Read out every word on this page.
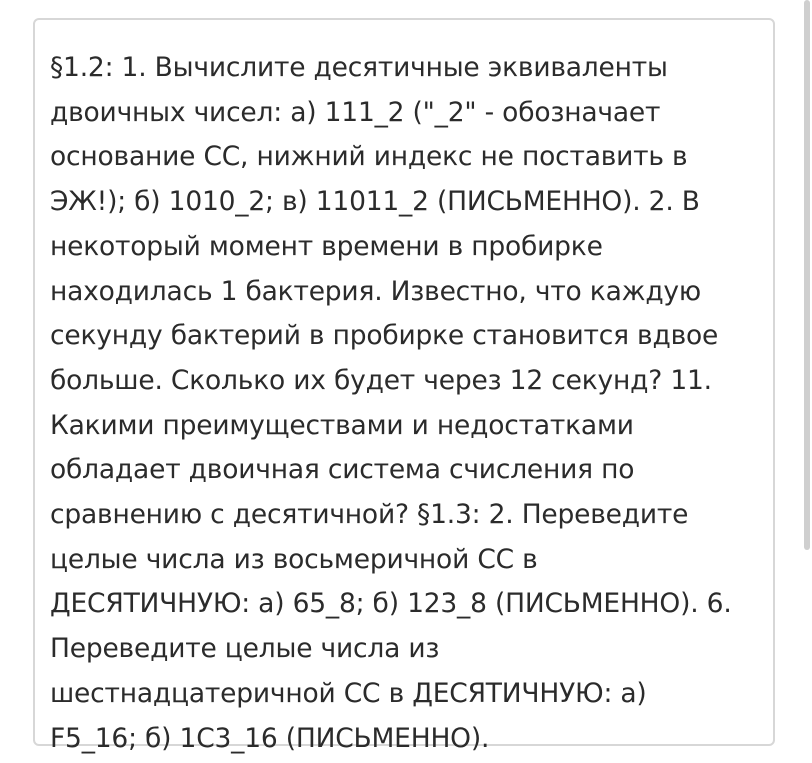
§1.2: 1. Вычислите десятичные эквиваленты
двоичных чисел: а) 111_2 ("_2" - обозначает
основание СС, нижний индекс не поставить в
ЭЖ!); б) 1010_2; в) 11011_2 (ПИСЬМЕННО). 2. В
некоторый момент времени в пробирке
находилась 1 бактерия. Известно, что каждую
секунду бактерий в пробирке становится вдвое
больше. Сколько их будет через 12 секунд? 11.
Какими преимуществами и недостатками
обладает двоичная система счисления по
сравнению с десятичной? §1.3: 2. Переведите
целые числа из восьмеричной СС в
ДЕСЯТИЧНУЮ: а) 65_8; б) 123_8 (ПИСЬМЕННО). 6.
Переведите целые числа из
шестнадцатеричной СС в ДЕСЯТИЧНУЮ: а)
F5_16; б) 1С3_16 (ПИСЬМЕННО).
